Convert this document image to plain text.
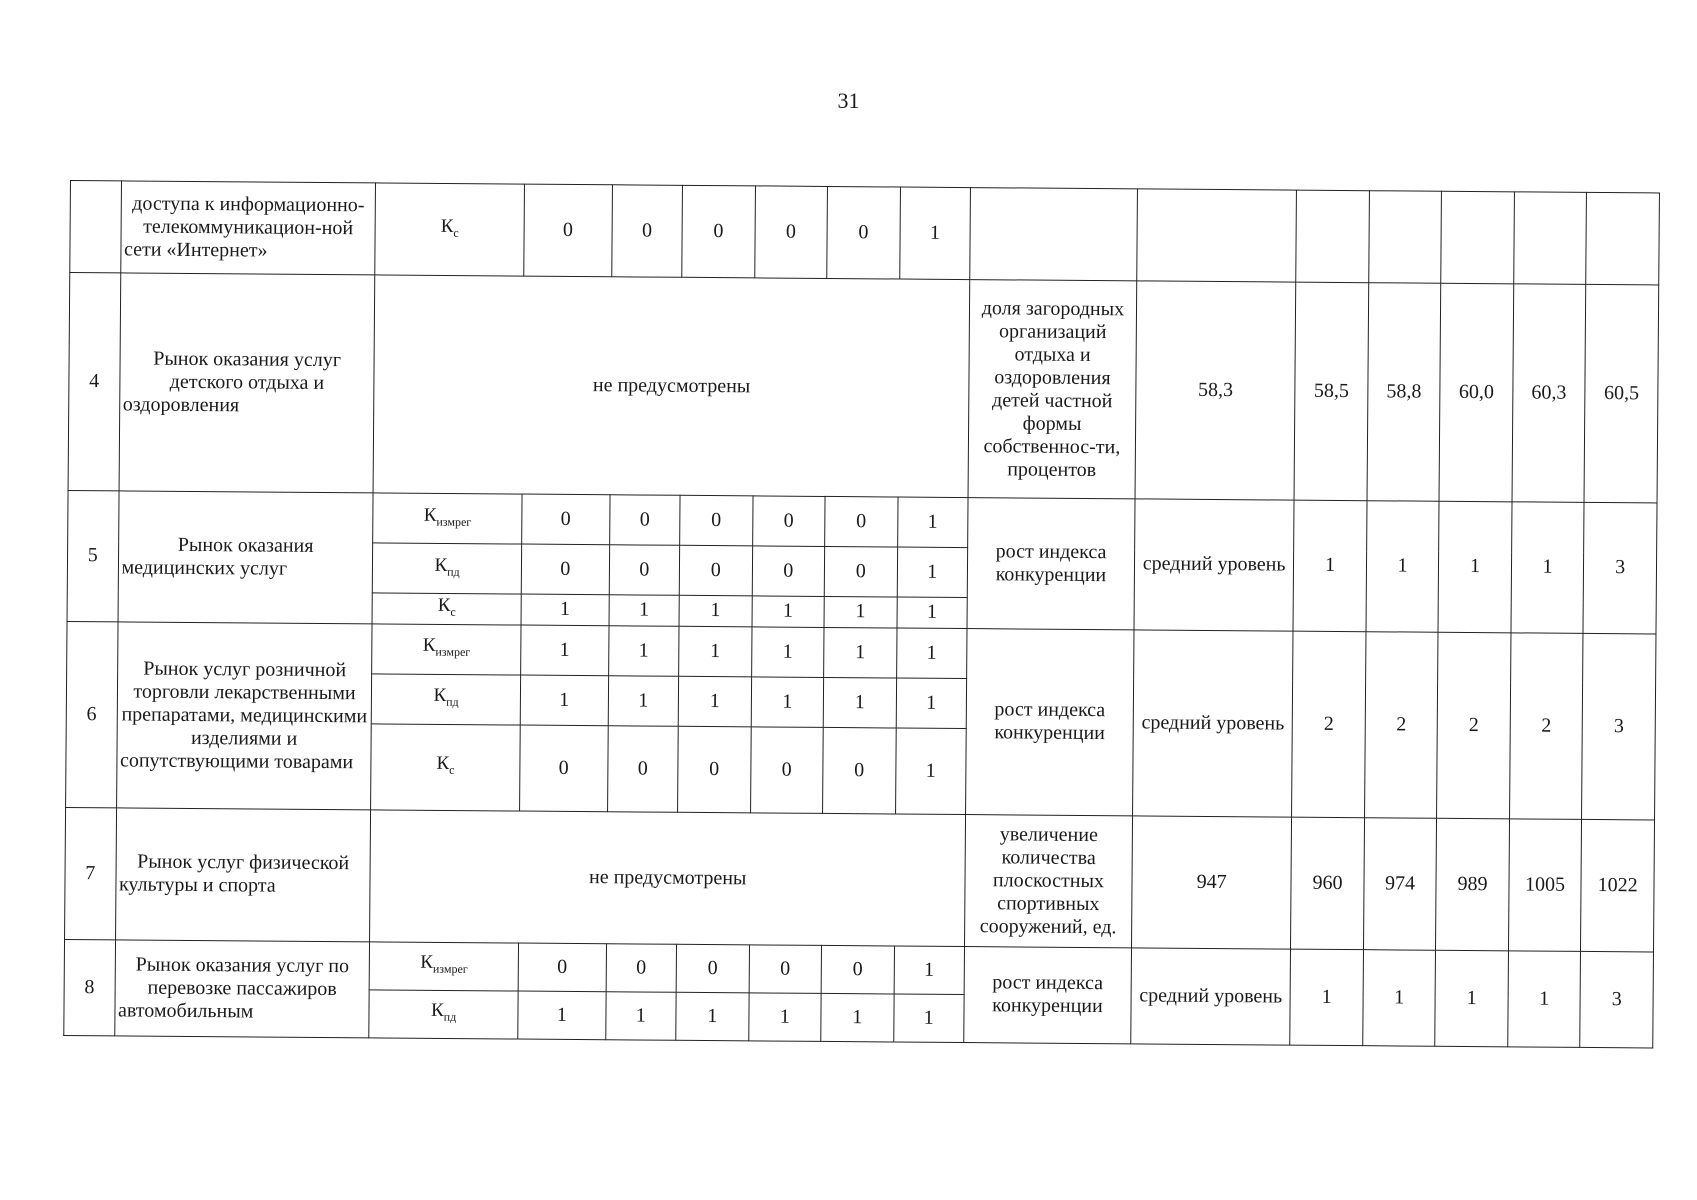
31
	доступа к информационно-телекоммуникацион-ной сети «Интернет»	$К_с$	0	0	0	0	0	1							
4	Рынок оказания услуг детского отдыха и оздоровления	не предусмотрены							доля загородных организаций отдыха и оздоровления детей частной формы собственнос-ти, процентов	58,3	58,5	58,8	60,0	60,3	60,5
5	Рынок оказания медицинских услуг	$К_{измрег}$	0	0	0	0	0	1	рост индекса конкуренции	средний уровень	1	1	1	1	3
		$К_{пд}$	0	0	0	0	0	1							
		$К_с$	1	1	1	1	1	1							
6	Рынок услуг розничной торговли лекарственными препаратами, медицинскими изделиями и сопутствующими товарами	$К_{измрег}$	1	1	1	1	1	1	рост индекса конкуренции	средний уровень	2	2	2	2	3
		$К_{пд}$	1	1	1	1	1	1							
		$К_с$	0	0	0	0	0	1							
7	Рынок услуг физической культуры и спорта	не предусмотрены							увеличение количества плоскостных спортивных сооружений, ед.	947	960	974	989	1005	1022
8	Рынок оказания услуг по перевозке пассажиров автомобильным	$К_{измрег}$	0	0	0	0	0	1	рост индекса конкуренции	средний уровень	1	1	1	1	3
		$К_{пд}$	1	1	1	1	1	1							
